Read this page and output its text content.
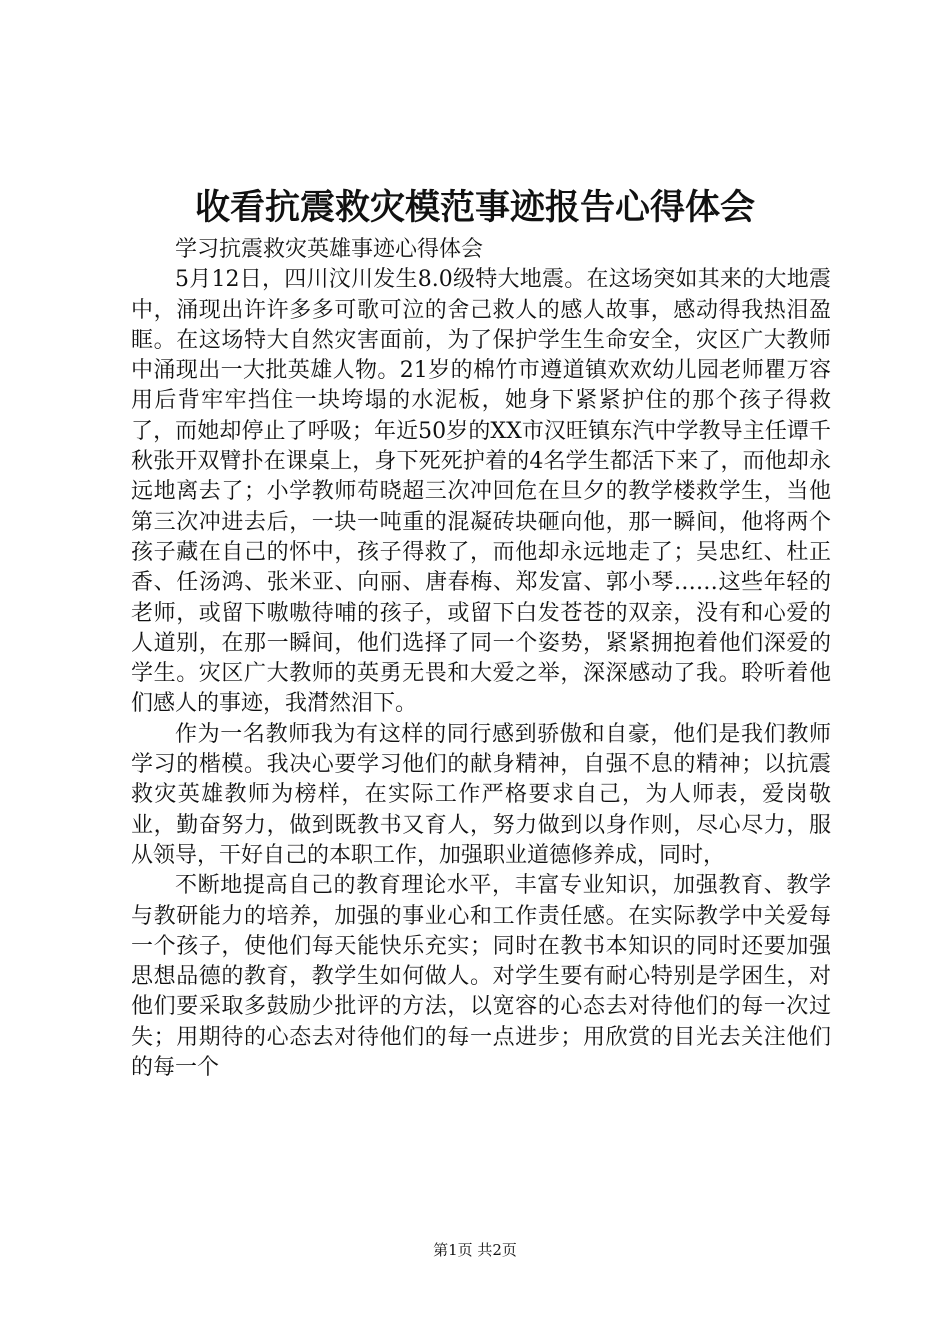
收看抗震救灾模范事迹报告心得体会

学习抗震救灾英雄事迹心得体会

5月12日，四川汶川发生8.0级特大地震。在这场突如其来的大地震中，涌现出许许多多可歌可泣的舍己救人的感人故事，感动得我热泪盈眶。在这场特大自然灾害面前，为了保护学生生命安全，灾区广大教师中涌现出一大批英雄人物。21岁的棉竹市遵道镇欢欢幼儿园老师瞿万容用后背牢牢挡住一块垮塌的水泥板，她身下紧紧护住的那个孩子得救了，而她却停止了呼吸；年近50岁的XX市汉旺镇东汽中学教导主任谭千秋张开双臂扑在课桌上，身下死死护着的4名学生都活下来了，而他却永远地离去了；小学教师苟晓超三次冲回危在旦夕的教学楼救学生，当他第三次冲进去后，一块一吨重的混凝砖块砸向他，那一瞬间，他将两个孩子藏在自己的怀中，孩子得救了，而他却永远地走了；吴忠红、杜正香、任汤鸿、张米亚、向丽、唐春梅、郑发富、郭小琴……这些年轻的老师，或留下嗷嗷待哺的孩子，或留下白发苍苍的双亲，没有和心爱的人道别，在那一瞬间，他们选择了同一个姿势，紧紧拥抱着他们深爱的学生。灾区广大教师的英勇无畏和大爱之举，深深感动了我。聆听着他们感人的事迹，我潸然泪下。

作为一名教师我为有这样的同行感到骄傲和自豪，他们是我们教师学习的楷模。我决心要学习他们的献身精神，自强不息的精神；以抗震救灾英雄教师为榜样，在实际工作严格要求自己，为人师表，爱岗敬业，勤奋努力，做到既教书又育人，努力做到以身作则，尽心尽力，服从领导，干好自己的本职工作，加强职业道德修养成，同时，

不断地提高自己的教育理论水平，丰富专业知识，加强教育、教学与教研能力的培养，加强的事业心和工作责任感。在实际教学中关爱每一个孩子，使他们每天能快乐充实；同时在教书本知识的同时还要加强思想品德的教育，教学生如何做人。对学生要有耐心特别是学困生，对他们要采取多鼓励少批评的方法，以宽容的心态去对待他们的每一次过失；用期待的心态去对待他们的每一点进步；用欣赏的目光去关注他们的每一个

第1页 共2页
